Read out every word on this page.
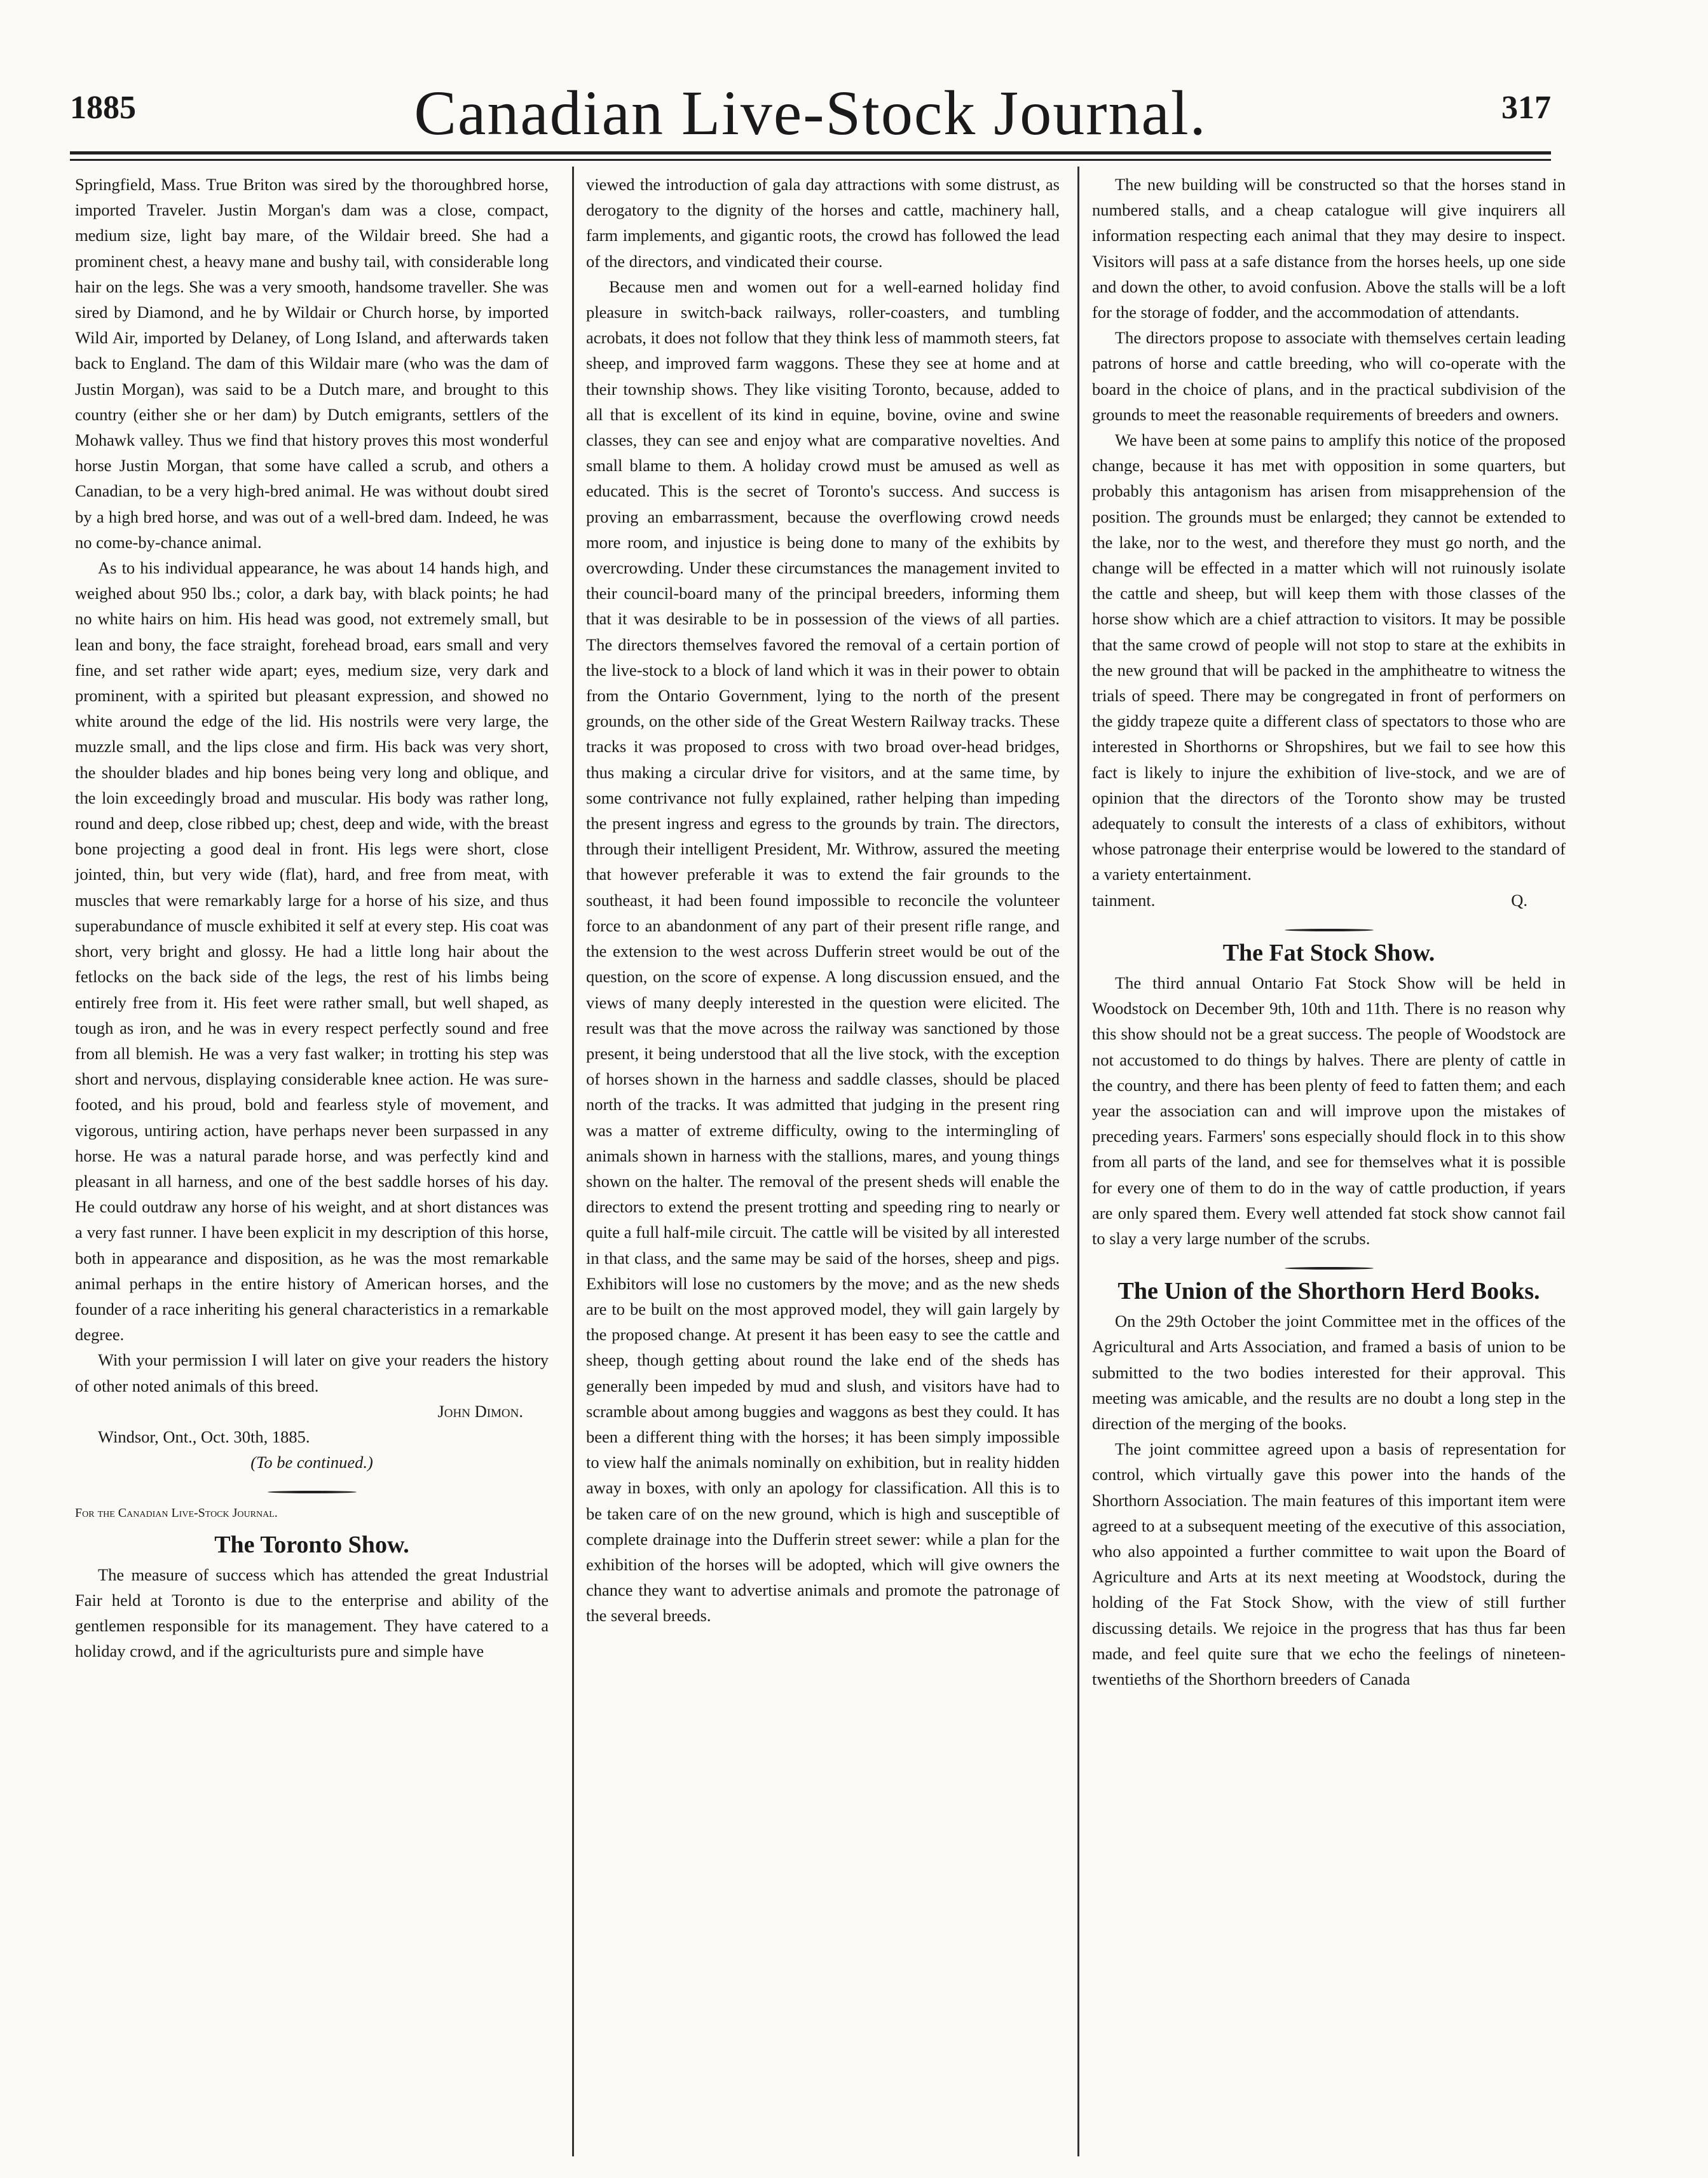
1885	Canadian Live-Stock Journal.	317

Springfield, Mass. True Briton was sired by the thoroughbred horse, imported Traveler. Justin Morgan's dam was a close, compact, medium size, light bay mare, of the Wildair breed. She had a prominent chest, a heavy mane and bushy tail, with considerable long hair on the legs. She was a very smooth, handsome traveller. She was sired by Diamond, and he by Wildair or Church horse, by imported Wild Air, imported by Delaney, of Long Island, and afterwards taken back to England. The dam of this Wildair mare (who was the dam of Justin Morgan), was said to be a Dutch mare, and brought to this country (either she or her dam) by Dutch emigrants, settlers of the Mohawk valley. Thus we find that history proves this most wonderful horse Justin Morgan, that some have called a scrub, and others a Canadian, to be a very high-bred animal. He was without doubt sired by a high bred horse, and was out of a well-bred dam. Indeed, he was no come-by-chance animal.

As to his individual appearance, he was about 14 hands high, and weighed about 950 lbs.; color, a dark bay, with black points; he had no white hairs on him. His head was good, not extremely small, but lean and bony, the face straight, forehead broad, ears small and very fine, and set rather wide apart; eyes, medium size, very dark and prominent, with a spirited but pleasant expression, and showed no white around the edge of the lid. His nostrils were very large, the muzzle small, and the lips close and firm. His back was very short, the shoulder blades and hip bones being very long and oblique, and the loin exceedingly broad and muscular. His body was rather long, round and deep, close ribbed up; chest, deep and wide, with the breast bone projecting a good deal in front. His legs were short, close jointed, thin, but very wide (flat), hard, and free from meat, with muscles that were remarkably large for a horse of his size, and thus superabundance of muscle exhibited it self at every step. His coat was short, very bright and glossy. He had a little long hair about the fetlocks on the back side of the legs, the rest of his limbs being entirely free from it. His feet were rather small, but well shaped, as tough as iron, and he was in every respect perfectly sound and free from all blemish. He was a very fast walker; in trotting his step was short and nervous, displaying considerable knee action. He was sure-footed, and his proud, bold and fearless style of movement, and vigorous, untiring action, have perhaps never been surpassed in any horse. He was a natural parade horse, and was perfectly kind and pleasant in all harness, and one of the best saddle horses of his day. He could outdraw any horse of his weight, and at short distances was a very fast runner. I have been explicit in my description of this horse, both in appearance and disposition, as he was the most remarkable animal perhaps in the entire history of American horses, and the founder of a race inheriting his general characteristics in a remarkable degree.

With your permission I will later on give your readers the history of other noted animals of this breed.

John Dimon.
Windsor, Ont., Oct. 30th, 1885.
(To be continued.)

For the Canadian Live-Stock Journal.

The Toronto Show.

The measure of success which has attended the great Industrial Fair held at Toronto is due to the enterprise and ability of the gentlemen responsible for its management. They have catered to a holiday crowd, and if the agriculturists pure and simple have

viewed the introduction of gala day attractions with some distrust, as derogatory to the dignity of the horses and cattle, machinery hall, farm implements, and gigantic roots, the crowd has followed the lead of the directors, and vindicated their course.

Because men and women out for a well-earned holiday find pleasure in switch-back railways, roller-coasters, and tumbling acrobats, it does not follow that they think less of mammoth steers, fat sheep, and improved farm waggons. These they see at home and at their township shows. They like visiting Toronto, because, added to all that is excellent of its kind in equine, bovine, ovine and swine classes, they can see and enjoy what are comparative novelties. And small blame to them. A holiday crowd must be amused as well as educated. This is the secret of Toronto's success. And success is proving an embarrassment, because the overflowing crowd needs more room, and injustice is being done to many of the exhibits by overcrowding. Under these circumstances the management invited to their council-board many of the principal breeders, informing them that it was desirable to be in possession of the views of all parties. The directors themselves favored the removal of a certain portion of the live-stock to a block of land which it was in their power to obtain from the Ontario Government, lying to the north of the present grounds, on the other side of the Great Western Railway tracks. These tracks it was proposed to cross with two broad over-head bridges, thus making a circular drive for visitors, and at the same time, by some contrivance not fully explained, rather helping than impeding the present ingress and egress to the grounds by train. The directors, through their intelligent President, Mr. Withrow, assured the meeting that however preferable it was to extend the fair grounds to the southeast, it had been found impossible to reconcile the volunteer force to an abandonment of any part of their present rifle range, and the extension to the west across Dufferin street would be out of the question, on the score of expense. A long discussion ensued, and the views of many deeply interested in the question were elicited. The result was that the move across the railway was sanctioned by those present, it being understood that all the live stock, with the exception of horses shown in the harness and saddle classes, should be placed north of the tracks. It was admitted that judging in the present ring was a matter of extreme difficulty, owing to the intermingling of animals shown in harness with the stallions, mares, and young things shown on the halter. The removal of the present sheds will enable the directors to extend the present trotting and speeding ring to nearly or quite a full half-mile circuit. The cattle will be visited by all interested in that class, and the same may be said of the horses, sheep and pigs. Exhibitors will lose no customers by the move; and as the new sheds are to be built on the most approved model, they will gain largely by the proposed change. At present it has been easy to see the cattle and sheep, though getting about round the lake end of the sheds has generally been impeded by mud and slush, and visitors have had to scramble about among buggies and waggons as best they could. It has been a different thing with the horses; it has been simply impossible to view half the animals nominally on exhibition, but in reality hidden away in boxes, with only an apology for classification. All this is to be taken care of on the new ground, which is high and susceptible of complete drainage into the Dufferin street sewer: while a plan for the exhibition of the horses will be adopted, which will give owners the chance they want to advertise animals and promote the patronage of the several breeds.

The new building will be constructed so that the horses stand in numbered stalls, and a cheap catalogue will give inquirers all information respecting each animal that they may desire to inspect. Visitors will pass at a safe distance from the horses heels, up one side and down the other, to avoid confusion. Above the stalls will be a loft for the storage of fodder, and the accommodation of attendants.

The directors propose to associate with themselves certain leading patrons of horse and cattle breeding, who will co-operate with the board in the choice of plans, and in the practical subdivision of the grounds to meet the reasonable requirements of breeders and owners.

We have been at some pains to amplify this notice of the proposed change, because it has met with opposition in some quarters, but probably this antagonism has arisen from misapprehension of the position. The grounds must be enlarged; they cannot be extended to the lake, nor to the west, and therefore they must go north, and the change will be effected in a matter which will not ruinously isolate the cattle and sheep, but will keep them with those classes of the horse show which are a chief attraction to visitors. It may be possible that the same crowd of people will not stop to stare at the exhibits in the new ground that will be packed in the amphitheatre to witness the trials of speed. There may be congregated in front of performers on the giddy trapeze quite a different class of spectators to those who are interested in Shorthorns or Shropshires, but we fail to see how this fact is likely to injure the exhibition of live-stock, and we are of opinion that the directors of the Toronto show may be trusted adequately to consult the interests of a class of exhibitors, without whose patronage their enterprise would be lowered to the standard of a variety entertainment.

tainment.	Q.
The Fat Stock Show.

The third annual Ontario Fat Stock Show will be held in Woodstock on December 9th, 10th and 11th. There is no reason why this show should not be a great success. The people of Woodstock are not accustomed to do things by halves. There are plenty of cattle in the country, and there has been plenty of feed to fatten them; and each year the association can and will improve upon the mistakes of preceding years. Farmers' sons especially should flock in to this show from all parts of the land, and see for themselves what it is possible for every one of them to do in the way of cattle production, if years are only spared them. Every well attended fat stock show cannot fail to slay a very large number of the scrubs.

The Union of the Shorthorn Herd Books.

On the 29th October the joint Committee met in the offices of the Agricultural and Arts Association, and framed a basis of union to be submitted to the two bodies interested for their approval. This meeting was amicable, and the results are no doubt a long step in the direction of the merging of the books.

The joint committee agreed upon a basis of representation for control, which virtually gave this power into the hands of the Shorthorn Association. The main features of this important item were agreed to at a subsequent meeting of the executive of this association, who also appointed a further committee to wait upon the Board of Agriculture and Arts at its next meeting at Woodstock, during the holding of the Fat Stock Show, with the view of still further discussing details. We rejoice in the progress that has thus far been made, and feel quite sure that we echo the feelings of nineteen-twentieths of the Shorthorn breeders of Canada
